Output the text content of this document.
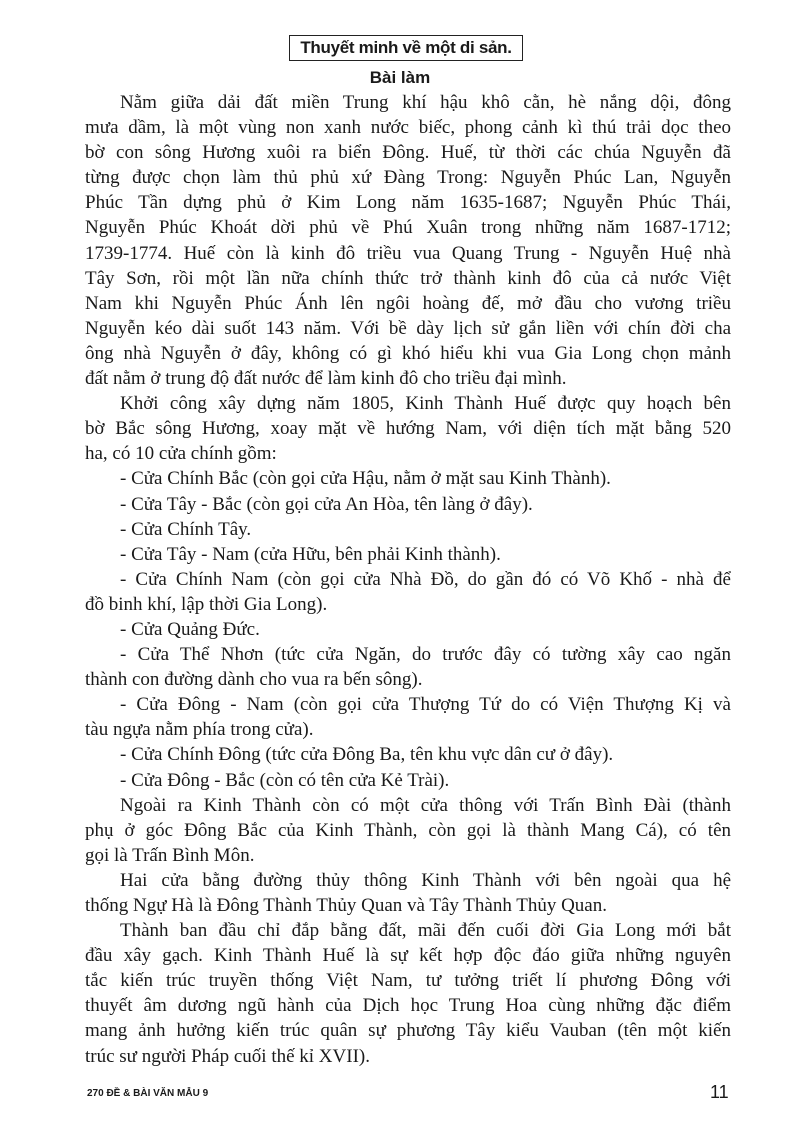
Thuyết minh về một di sản.
Bài làm
Nằm giữa dải đất miền Trung khí hậu khô cằn, hè nắng dội, đông
mưa dầm, là một vùng non xanh nước biếc, phong cảnh kì thú trải dọc theo
bờ con sông Hương xuôi ra biển Đông. Huế, từ thời các chúa Nguyễn đã
từng được chọn làm thủ phủ xứ Đàng Trong: Nguyễn Phúc Lan, Nguyễn
Phúc Tần dựng phủ ở Kim Long năm 1635-1687; Nguyễn Phúc Thái,
Nguyễn Phúc Khoát dời phủ về Phú Xuân trong những năm 1687-1712;
1739-1774. Huế còn là kinh đô triều vua Quang Trung - Nguyễn Huệ nhà
Tây Sơn, rồi một lần nữa chính thức trở thành kinh đô của cả nước Việt
Nam khi Nguyễn Phúc Ánh lên ngôi hoàng đế, mở đầu cho vương triều
Nguyễn kéo dài suốt 143 năm. Với bề dày lịch sử gắn liền với chín đời cha
ông nhà Nguyễn ở đây, không có gì khó hiểu khi vua Gia Long chọn mảnh
đất nằm ở trung độ đất nước để làm kinh đô cho triều đại mình.
Khởi công xây dựng năm 1805, Kinh Thành Huế được quy hoạch bên
bờ Bắc sông Hương, xoay mặt về hướng Nam, với diện tích mặt bằng 520
ha, có 10 cửa chính gồm:
- Cửa Chính Bắc (còn gọi cửa Hậu, nằm ở mặt sau Kinh Thành).
- Cửa Tây - Bắc (còn gọi cửa An Hòa, tên làng ở đây).
- Cửa Chính Tây.
- Cửa Tây - Nam (cửa Hữu, bên phải Kinh thành).
- Cửa Chính Nam (còn gọi cửa Nhà Đồ, do gần đó có Võ Khố - nhà để
đồ binh khí, lập thời Gia Long).
- Cửa Quảng Đức.
- Cửa Thể Nhơn (tức cửa Ngăn, do trước đây có tường xây cao ngăn
thành con đường dành cho vua ra bến sông).
- Cửa Đông - Nam (còn gọi cửa Thượng Tứ do có Viện Thượng Kị và
tàu ngựa nằm phía trong cửa).
- Cửa Chính Đông (tức cửa Đông Ba, tên khu vực dân cư ở đây).
- Cửa Đông - Bắc (còn có tên cửa Kẻ Trài).
Ngoài ra Kinh Thành còn có một cửa thông với Trấn Bình Đài (thành
phụ ở góc Đông Bắc của Kinh Thành, còn gọi là thành Mang Cá), có tên
gọi là Trấn Bình Môn.
Hai cửa bằng đường thủy thông Kinh Thành với bên ngoài qua hệ
thống Ngự Hà là Đông Thành Thủy Quan và Tây Thành Thủy Quan.
Thành ban đầu chỉ đắp bằng đất, mãi đến cuối đời Gia Long mới bắt
đầu xây gạch. Kinh Thành Huế là sự kết hợp độc đáo giữa những nguyên
tắc kiến trúc truyền thống Việt Nam, tư tưởng triết lí phương Đông với
thuyết âm dương ngũ hành của Dịch học Trung Hoa cùng những đặc điểm
mang ảnh hưởng kiến trúc quân sự phương Tây kiểu Vauban (tên một kiến
trúc sư người Pháp cuối thế kỉ XVII).
270 ĐỀ & BÀI VĂN MẪU 9	11
